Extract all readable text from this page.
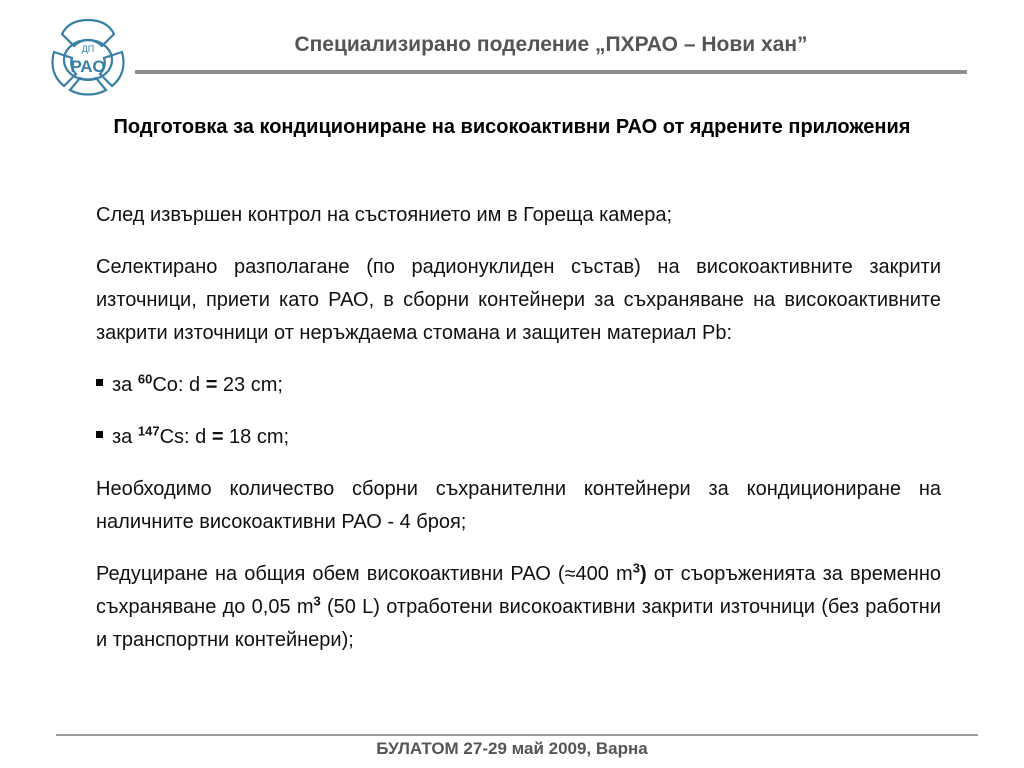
ДП
РАО
Специализирано поделение „ПХРАО – Нови хан”
Подготовка за кондициониране на високоактивни РАО от ядрените приложения

След извършен контрол на състоянието им в Гореща камера;

Селектирано разполагане (по радионуклиден състав) на високоактивните закрити източници, приети като РАО, в сборни контейнери за съхраняване на високоактивните закрити източници от неръждаема стомана и защитен материал Pb:

за $^{60}$Co: d = 23 cm;

за $^{147}$Cs: d = 18 cm;

Необходимо количество сборни съхранителни контейнери за кондициониране на наличните високоактивни РАО - 4 броя;

Редуциране на общия обем високоактивни РАО (≈400 $m^3$) от съоръженията за временно съхраняване до 0,05 $m^3$ (50 L) отработени високоактивни закрити източници (без работни и транспортни контейнери);

БУЛАТОМ 27-29 май 2009, Варна
